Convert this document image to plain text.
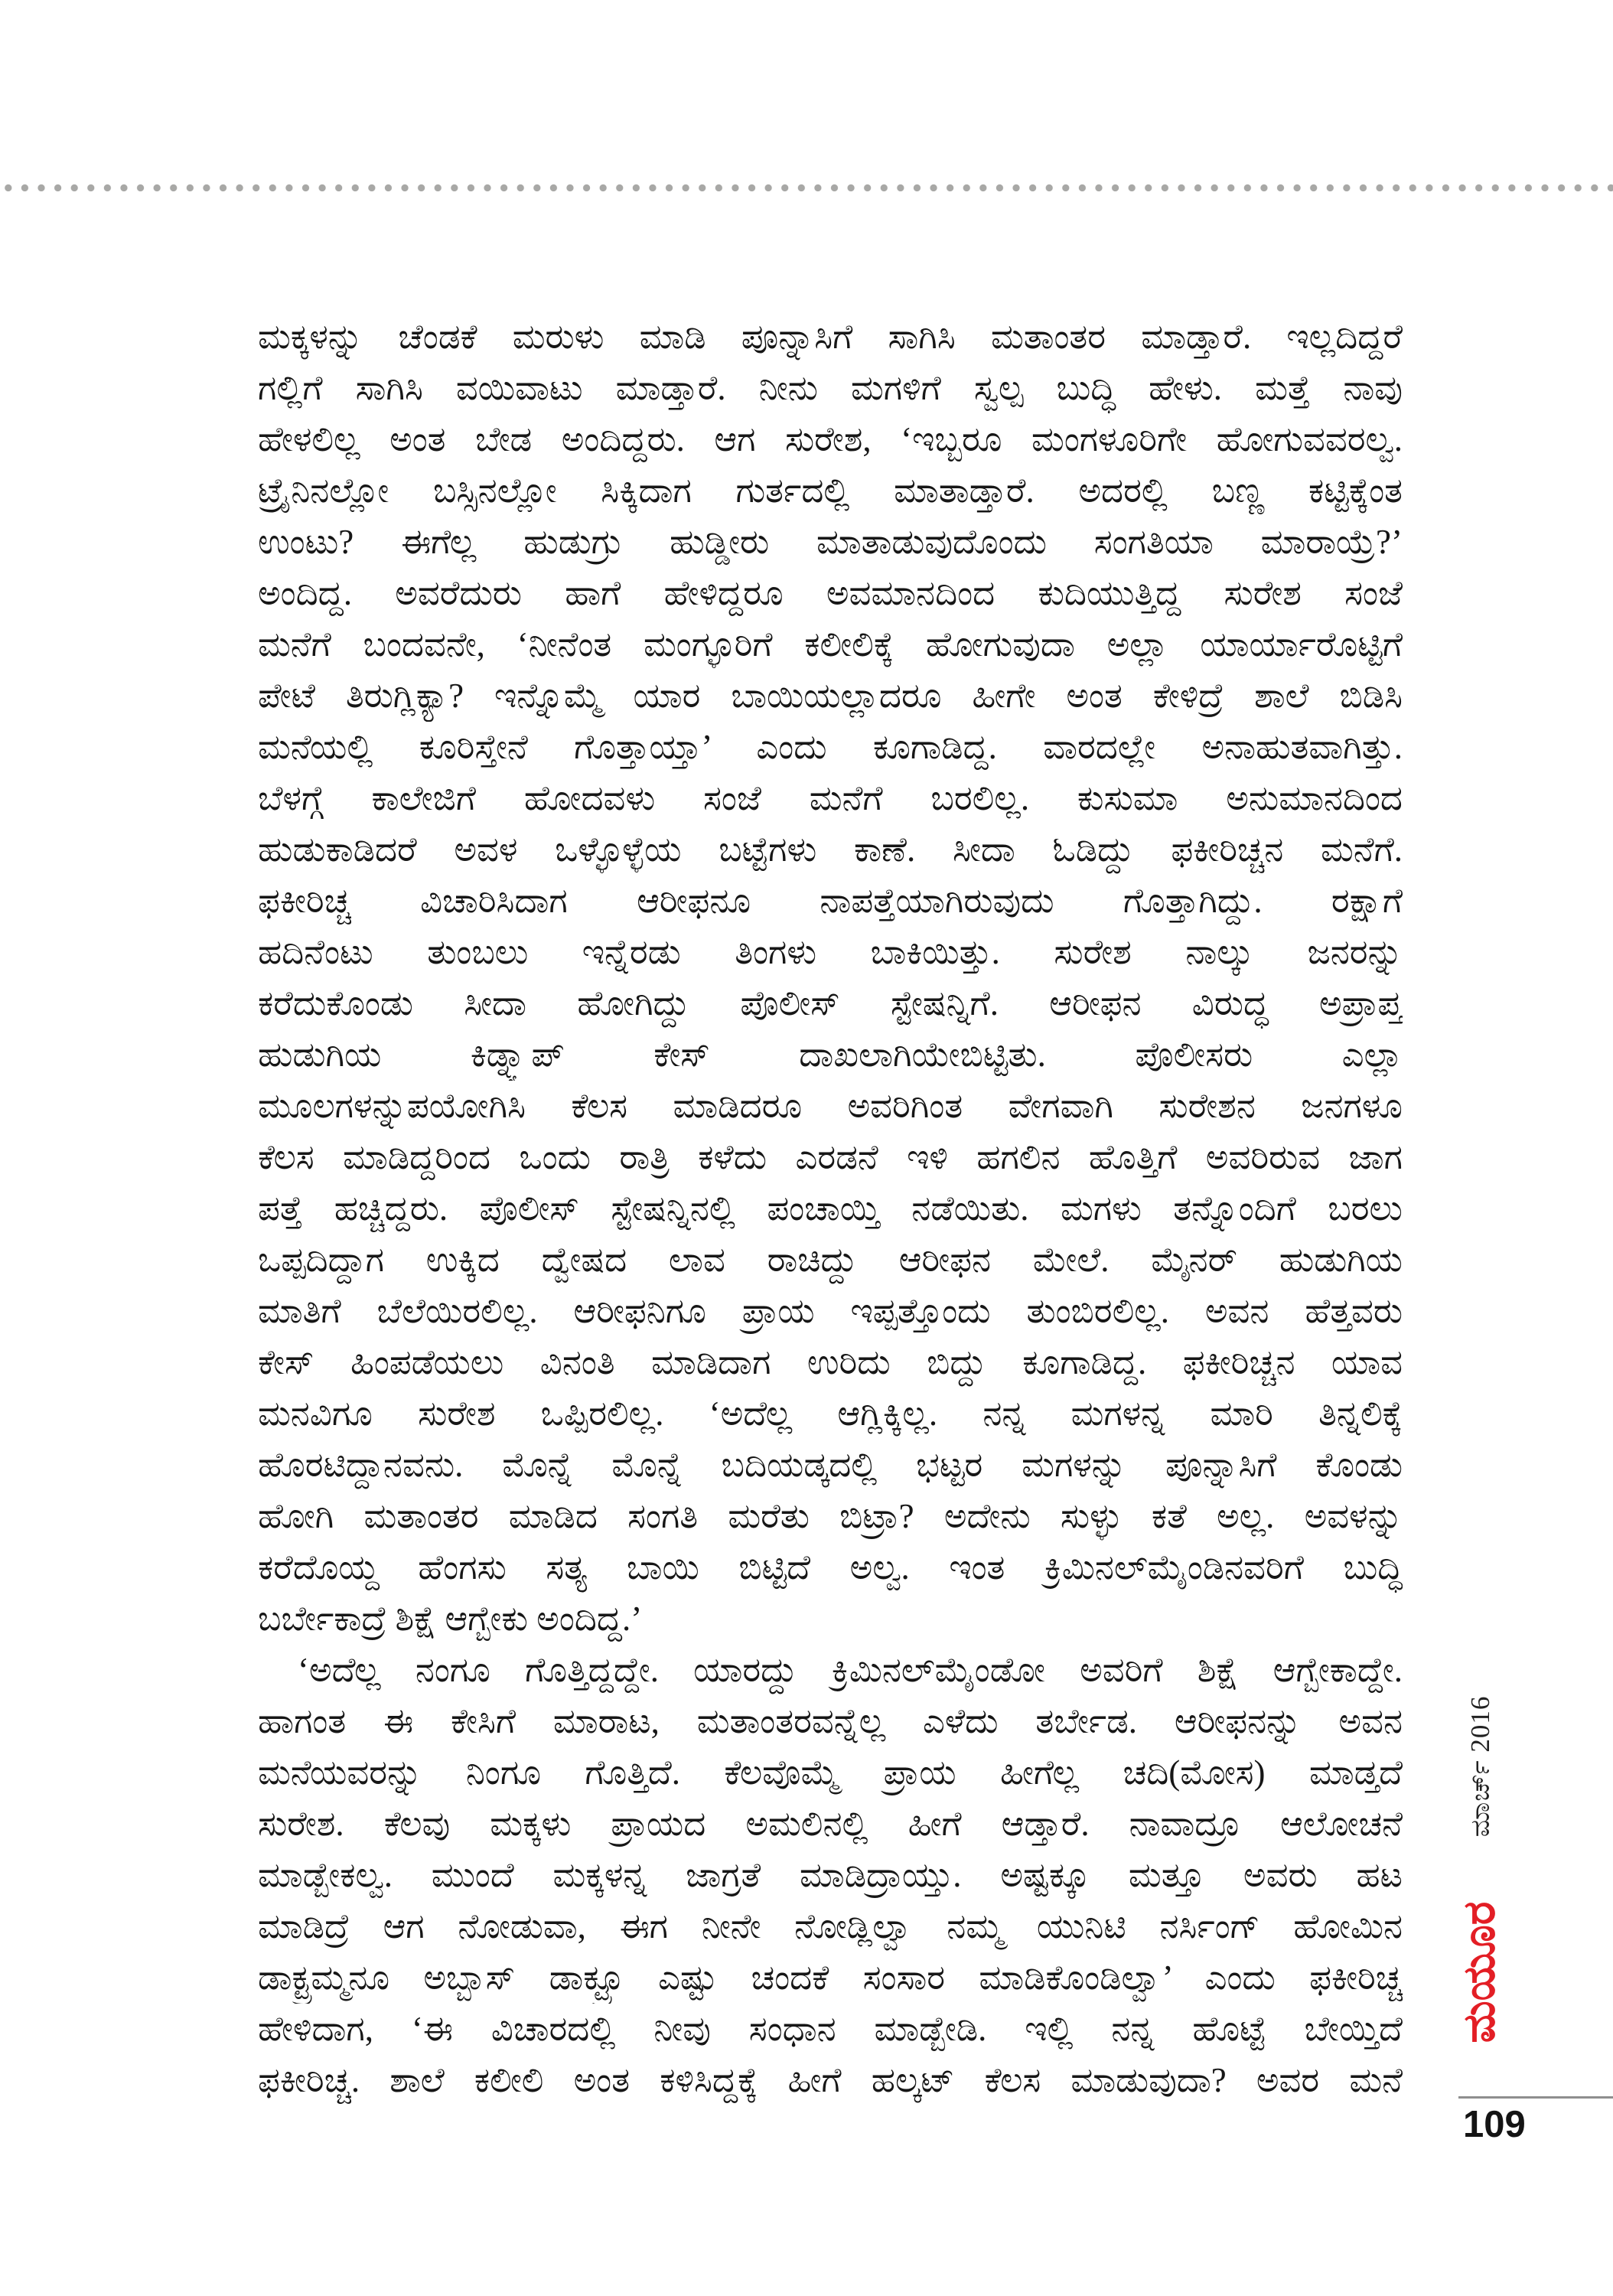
ಮಕ್ಕಳನ್ನು ಚೆಂಡಕೆ ಮರುಳು ಮಾಡಿ ಪೂನ್ನಾಸಿಗೆ ಸಾಗಿಸಿ ಮತಾಂತರ ಮಾಡ್ತಾರೆ. ಇಲ್ಲದಿದ್ದರೆ
ಗಲ್ಲಿಗೆ ಸಾಗಿಸಿ ವಯಿವಾಟು ಮಾಡ್ತಾರೆ. ನೀನು ಮಗಳಿಗೆ ಸ್ವಲ್ಪ ಬುದ್ಧಿ ಹೇಳು. ಮತ್ತೆ ನಾವು
ಹೇಳಲಿಲ್ಲ ಅಂತ ಬೇಡ ಅಂದಿದ್ದರು. ಆಗ ಸುರೇಶ, ‘ಇಬ್ಬರೂ ಮಂಗಳೂರಿಗೇ ಹೋಗುವವರಲ್ವ.
ಟ್ರೈನಿನಲ್ಲೋ ಬಸ್ಸಿನಲ್ಲೋ ಸಿಕ್ಕಿದಾಗ ಗುರ್ತದಲ್ಲಿ ಮಾತಾಡ್ತಾರೆ. ಅದರಲ್ಲಿ ಬಣ್ಣ ಕಟ್ಟಿಕ್ಕೆಂತ
ಉಂಟು? ಈಗೆಲ್ಲ ಹುಡುಗ್ರು ಹುಡ್ಡೀರು ಮಾತಾಡುವುದೊಂದು ಸಂಗತಿಯಾ ಮಾರಾಯ್ರೆ?’
ಅಂದಿದ್ದ. ಅವರೆದುರು ಹಾಗೆ ಹೇಳಿದ್ದರೂ ಅವಮಾನದಿಂದ ಕುದಿಯುತ್ತಿದ್ದ ಸುರೇಶ ಸಂಜೆ
ಮನೆಗೆ ಬಂದವನೇ, ‘ನೀನೆಂತ ಮಂಗ್ಳೂರಿಗೆ ಕಲೀಲಿಕ್ಕೆ ಹೋಗುವುದಾ ಅಲ್ಲಾ ಯಾರ್ಯಾರೊಟ್ಟಿಗೆ
ಪೇಟೆ ತಿರುಗ್ಲಿಕ್ಯಾ? ಇನ್ನೊಮ್ಮೆ ಯಾರ ಬಾಯಿಯಲ್ಲಾದರೂ ಹೀಗೇ ಅಂತ ಕೇಳಿದ್ರೆ ಶಾಲೆ ಬಿಡಿಸಿ
ಮನೆಯಲ್ಲಿ ಕೂರಿಸ್ತೇನೆ ಗೊತ್ತಾಯ್ತಾ’ ಎಂದು ಕೂಗಾಡಿದ್ದ. ವಾರದಲ್ಲೇ ಅನಾಹುತವಾಗಿತ್ತು.
ಬೆಳಗ್ಗೆ ಕಾಲೇಜಿಗೆ ಹೋದವಳು ಸಂಜೆ ಮನೆಗೆ ಬರಲಿಲ್ಲ. ಕುಸುಮಾ ಅನುಮಾನದಿಂದ
ಹುಡುಕಾಡಿದರೆ ಅವಳ ಒಳ್ಳೊಳ್ಳೆಯ ಬಟ್ಟೆಗಳು ಕಾಣೆ. ಸೀದಾ ಓಡಿದ್ದು ಫಕೀರಿಚ್ಚನ ಮನೆಗೆ.
ಫಕೀರಿಚ್ಚ ವಿಚಾರಿಸಿದಾಗ ಆರೀಫನೂ ನಾಪತ್ತೆಯಾಗಿರುವುದು ಗೊತ್ತಾಗಿದ್ದು. ರಕ್ಷಾಗೆ
ಹದಿನೆಂಟು ತುಂಬಲು ಇನ್ನೆರಡು ತಿಂಗಳು ಬಾಕಿಯಿತ್ತು. ಸುರೇಶ ನಾಲ್ಕು ಜನರನ್ನು
ಕರೆದುಕೊಂಡು ಸೀದಾ ಹೋಗಿದ್ದು ಪೊಲೀಸ್ ಸ್ಟೇಷನ್ನಿಗೆ. ಆರೀಫನ ವಿರುದ್ಧ ಅಪ್ರಾಪ್ತ
ಹುಡುಗಿಯ ಕಿಡ್ನ್ಯಾಪ್ ಕೇಸ್ ದಾಖಲಾಗಿಯೇಬಿಟ್ಟಿತು. ಪೊಲೀಸರು ಎಲ್ಲಾ
ಮೂಲಗಳನ್ನುಪಯೋಗಿಸಿ ಕೆಲಸ ಮಾಡಿದರೂ ಅವರಿಗಿಂತ ವೇಗವಾಗಿ ಸುರೇಶನ ಜನಗಳೂ
ಕೆಲಸ ಮಾಡಿದ್ದರಿಂದ ಒಂದು ರಾತ್ರಿ ಕಳೆದು ಎರಡನೆ ಇಳಿ ಹಗಲಿನ ಹೊತ್ತಿಗೆ ಅವರಿರುವ ಜಾಗ
ಪತ್ತೆ ಹಚ್ಚಿದ್ದರು. ಪೊಲೀಸ್ ಸ್ಟೇಷನ್ನಿನಲ್ಲಿ ಪಂಚಾಯ್ತಿ ನಡೆಯಿತು. ಮಗಳು ತನ್ನೊಂದಿಗೆ ಬರಲು
ಒಪ್ಪದಿದ್ದಾಗ ಉಕ್ಕಿದ ದ್ವೇಷದ ಲಾವ ರಾಚಿದ್ದು ಆರೀಫನ ಮೇಲೆ. ಮೈನರ್ ಹುಡುಗಿಯ
ಮಾತಿಗೆ ಬೆಲೆಯಿರಲಿಲ್ಲ. ಆರೀಫನಿಗೂ ಪ್ರಾಯ ಇಪ್ಪತ್ತೊಂದು ತುಂಬಿರಲಿಲ್ಲ. ಅವನ ಹೆತ್ತವರು
ಕೇಸ್ ಹಿಂಪಡೆಯಲು ವಿನಂತಿ ಮಾಡಿದಾಗ ಉರಿದು ಬಿದ್ದು ಕೂಗಾಡಿದ್ದ. ಫಕೀರಿಚ್ಚನ ಯಾವ
ಮನವಿಗೂ ಸುರೇಶ ಒಪ್ಪಿರಲಿಲ್ಲ. ‘ಅದೆಲ್ಲ ಆಗ್ಲಿಕ್ಕಿಲ್ಲ. ನನ್ನ ಮಗಳನ್ನ ಮಾರಿ ತಿನ್ನಲಿಕ್ಕೆ
ಹೊರಟಿದ್ದಾನವನು. ಮೊನ್ನೆ ಮೊನ್ನೆ ಬದಿಯಡ್ಕದಲ್ಲಿ ಭಟ್ಟರ ಮಗಳನ್ನು ಪೂನ್ನಾಸಿಗೆ ಕೊಂಡು
ಹೋಗಿ ಮತಾಂತರ ಮಾಡಿದ ಸಂಗತಿ ಮರೆತು ಬಿಟ್ರಾ? ಅದೇನು ಸುಳ್ಳು ಕತೆ ಅಲ್ಲ. ಅವಳನ್ನು
ಕರೆದೊಯ್ದ ಹೆಂಗಸು ಸತ್ಯ ಬಾಯಿ ಬಿಟ್ಟಿದೆ ಅಲ್ವ. ಇಂತ ಕ್ರಿಮಿನಲ್‌ಮೈಂಡಿನವರಿಗೆ ಬುದ್ಧಿ
ಬರ್ಬೇಕಾದ್ರೆ ಶಿಕ್ಷೆ ಆಗ್ಬೇಕು ಅಂದಿದ್ದ.’
‘ಅದೆಲ್ಲ ನಂಗೂ ಗೊತ್ತಿದ್ದದ್ದೇ. ಯಾರದ್ದು ಕ್ರಿಮಿನಲ್‌ಮೈಂಡೋ ಅವರಿಗೆ ಶಿಕ್ಷೆ ಆಗ್ಬೇಕಾದ್ದೇ.
ಹಾಗಂತ ಈ ಕೇಸಿಗೆ ಮಾರಾಟ, ಮತಾಂತರವನ್ನೆಲ್ಲ ಎಳೆದು ತರ್ಬೇಡ. ಆರೀಫನನ್ನು ಅವನ
ಮನೆಯವರನ್ನು ನಿಂಗೂ ಗೊತ್ತಿದೆ. ಕೆಲವೊಮ್ಮೆ ಪ್ರಾಯ ಹೀಗೆಲ್ಲ ಚದಿ(ಮೋಸ) ಮಾಡ್ತದೆ
ಸುರೇಶ. ಕೆಲವು ಮಕ್ಕಳು ಪ್ರಾಯದ ಅಮಲಿನಲ್ಲಿ ಹೀಗೆ ಆಡ್ತಾರೆ. ನಾವಾದ್ರೂ ಆಲೋಚನೆ
ಮಾಡ್ಬೇಕಲ್ವ. ಮುಂದೆ ಮಕ್ಕಳನ್ನ ಜಾಗ್ರತೆ ಮಾಡಿದ್ರಾಯ್ತು. ಅಷ್ಟಕ್ಕೂ ಮತ್ತೂ ಅವರು ಹಟ
ಮಾಡಿದ್ರೆ ಆಗ ನೋಡುವಾ, ಈಗ ನೀನೇ ನೋಡ್ಲಿಲ್ವಾ ನಮ್ಮ ಯುನಿಟಿ ನರ್ಸಿಂಗ್ ಹೋಮಿನ
ಡಾಕ್ಟ್ರಮ್ಮನೂ ಅಬ್ಬಾಸ್ ಡಾಕ್ಟ್ರೂ ಎಷ್ಟು ಚಂದಕೆ ಸಂಸಾರ ಮಾಡಿಕೊಂಡಿಲ್ವಾ’ ಎಂದು ಫಕೀರಿಚ್ಚ
ಹೇಳಿದಾಗ, ‘ಈ ವಿಚಾರದಲ್ಲಿ ನೀವು ಸಂಧಾನ ಮಾಡ್ಬೇಡಿ. ಇಲ್ಲಿ ನನ್ನ ಹೊಟ್ಟೆ ಬೇಯ್ತಿದೆ
ಫಕೀರಿಚ್ಚ. ಶಾಲೆ ಕಲೀಲಿ ಅಂತ ಕಳಿಸಿದ್ದಕ್ಕೆ ಹೀಗೆ ಹಲ್ಕಟ್ ಕೆಲಸ ಮಾಡುವುದಾ? ಅವರ ಮನೆ
ಮಾರ್ಚ್ 2016
ಮಯೂರ
109
